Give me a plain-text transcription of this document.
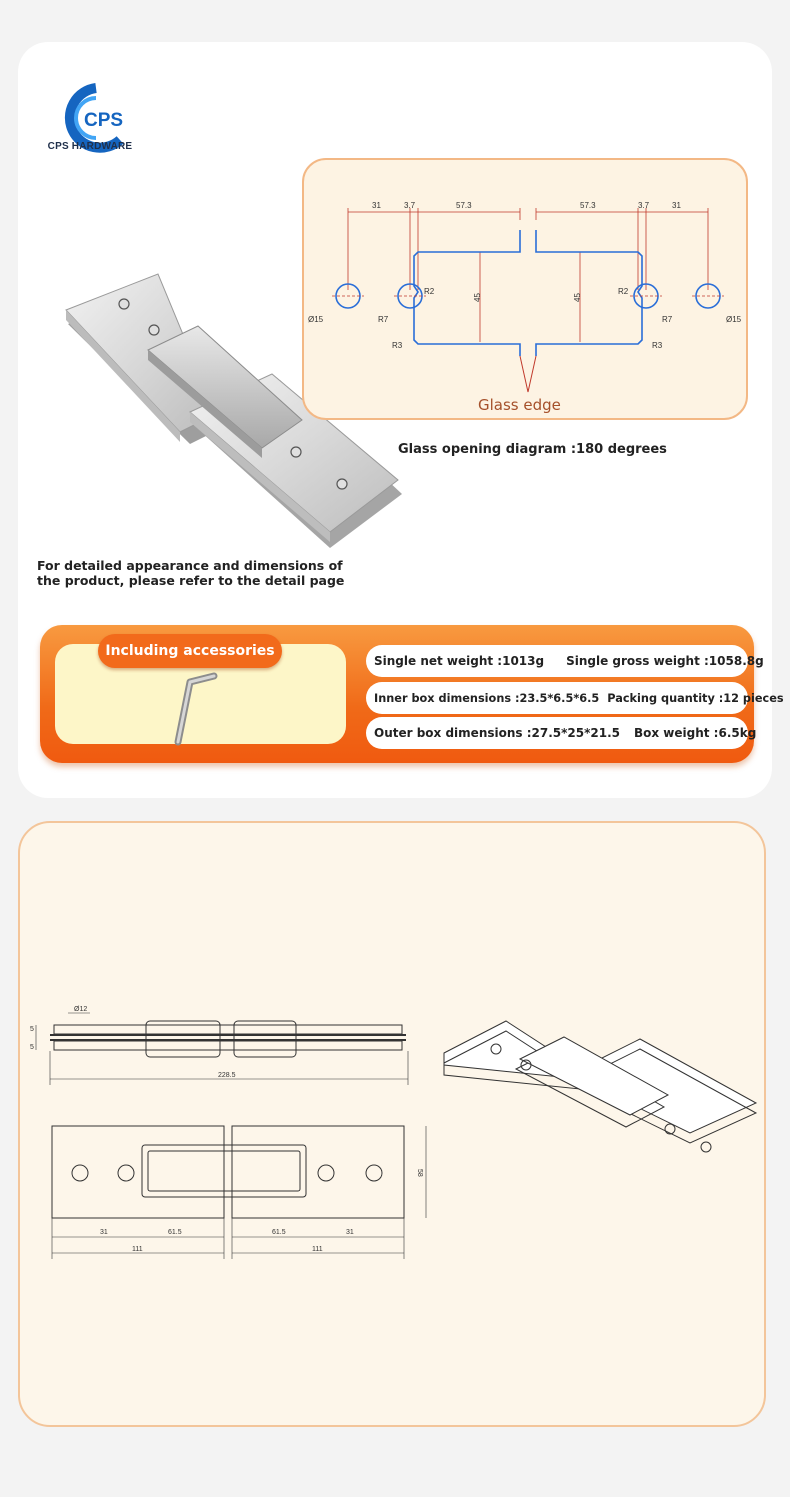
CPS
CPS HARDWARE
31	3.7	57.3	57.3	3.7	31
45	45
Ø15	Ø15
R2	R2
R7	R7
R3	R3
Glass edge
Glass opening diagram :180 degrees
For detailed appearance and dimensions of the product, please refer to the detail page
Including accessories
Single net weight :1013g Single gross weight :1058.8g
Inner box dimensions :23.5*6.5*6.5 Packing quantity :12 pieces
Outer box dimensions :27.5*25*21.5 Box weight :6.5kg
Ø12
5
5
228.5
31	61.5	61.5	31
111	111
58
